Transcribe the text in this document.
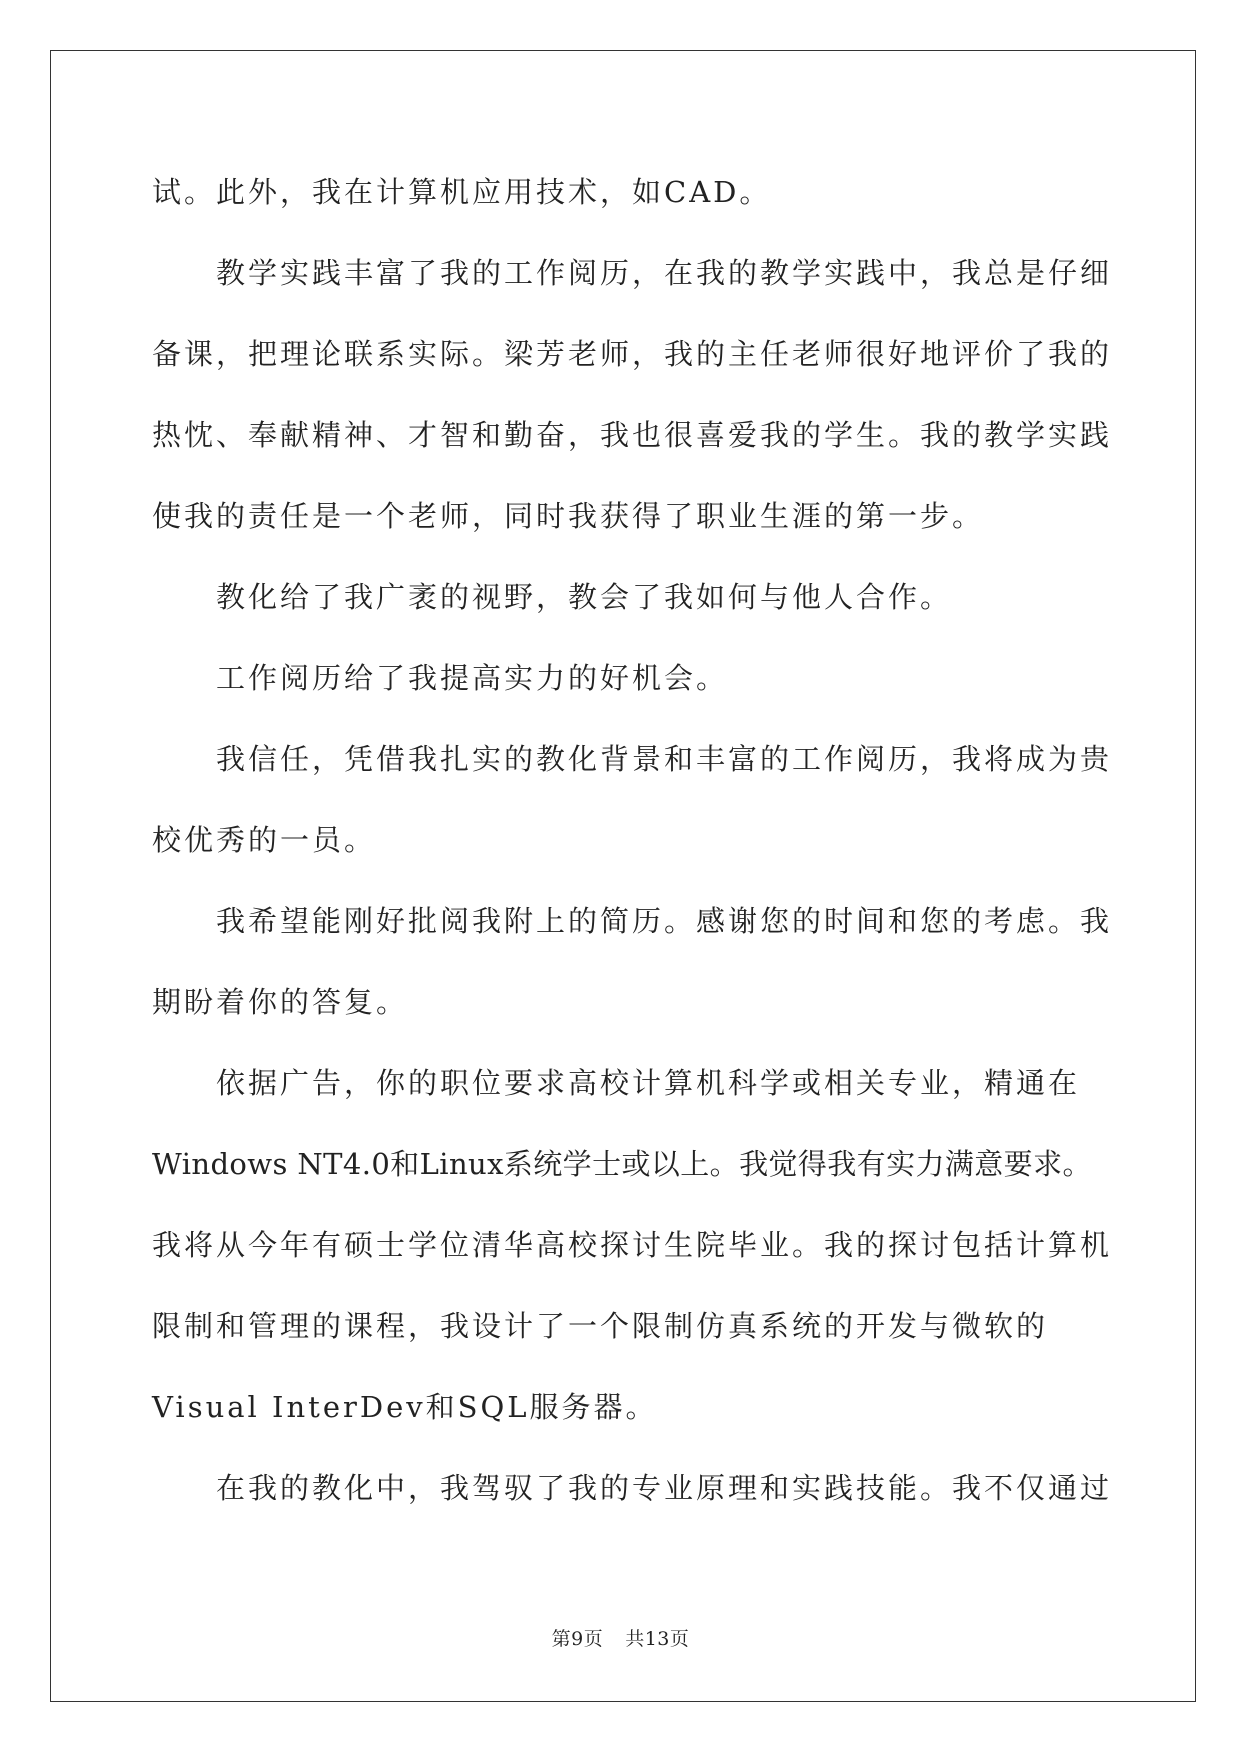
试。此外，我在计算机应用技术，如CAD。
教学实践丰富了我的工作阅历，在我的教学实践中，我总是仔细
备课，把理论联系实际。梁芳老师，我的主任老师很好地评价了我的
热忱、奉献精神、才智和勤奋，我也很喜爱我的学生。我的教学实践
使我的责任是一个老师，同时我获得了职业生涯的第一步。
教化给了我广袤的视野，教会了我如何与他人合作。
工作阅历给了我提高实力的好机会。
我信任，凭借我扎实的教化背景和丰富的工作阅历，我将成为贵
校优秀的一员。
我希望能刚好批阅我附上的简历。感谢您的时间和您的考虑。我
期盼着你的答复。
依据广告，你的职位要求高校计算机科学或相关专业，精通在
Windows NT4.0和Linux系统学士或以上。我觉得我有实力满意要求。
我将从今年有硕士学位清华高校探讨生院毕业。我的探讨包括计算机
限制和管理的课程，我设计了一个限制仿真系统的开发与微软的
Visual InterDev和SQL服务器。
在我的教化中，我驾驭了我的专业原理和实践技能。我不仅通过
第9页 共13页
